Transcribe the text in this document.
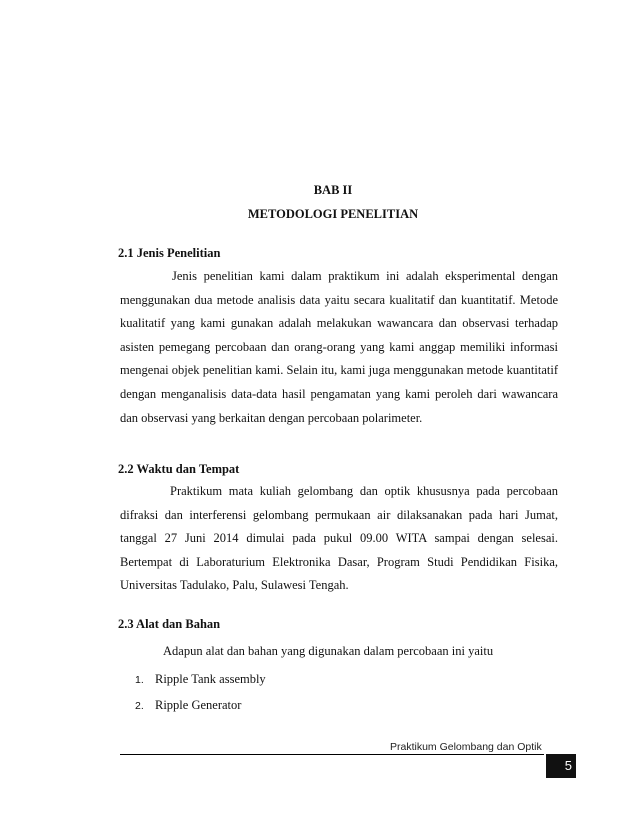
BAB II
METODOLOGI PENELITIAN
2.1 Jenis Penelitian

Jenis penelitian kami dalam praktikum ini adalah eksperimental dengan menggunakan dua metode analisis data yaitu secara kualitatif dan kuantitatif. Metode kualitatif yang kami gunakan adalah melakukan wawancara dan observasi terhadap asisten pemegang percobaan dan orang-orang yang kami anggap memiliki informasi mengenai objek penelitian kami. Selain itu, kami juga menggunakan metode kuantitatif dengan menganalisis data-data hasil pengamatan yang kami peroleh dari wawancara dan observasi yang berkaitan dengan percobaan polarimeter.

2.2 Waktu dan Tempat

Praktikum mata kuliah gelombang dan optik khususnya pada percobaan difraksi dan interferensi gelombang permukaan air dilaksanakan pada hari Jumat, tanggal 27 Juni 2014 dimulai pada pukul 09.00 WITA sampai dengan selesai. Bertempat di Laboraturium Elektronika Dasar, Program Studi Pendidikan Fisika, Universitas Tadulako, Palu, Sulawesi Tengah.

2.3 Alat dan Bahan
Adapun alat dan bahan yang digunakan dalam percobaan ini yaitu
1. Ripple Tank assembly
2. Ripple Generator
Praktikum Gelombang dan Optik
5
